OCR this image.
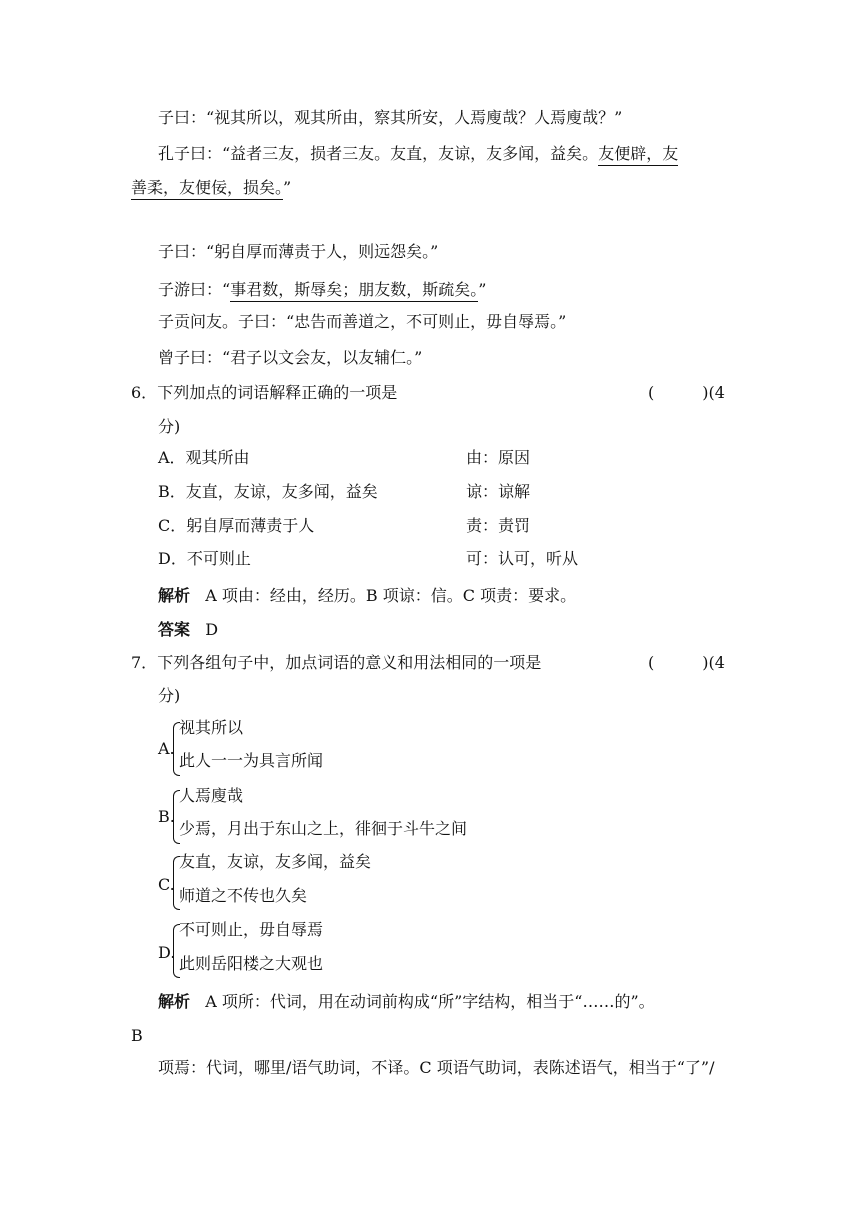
子曰：“视其所以，观其所由，察其所安，人焉廋哉？人焉廋哉？”
孔子曰：“益者三友，损者三友。友直，友谅，友多闻，益矣。友便辟，友
善柔，友便佞，损矣。”
子曰：“躬自厚而薄责于人，则远怨矣。”
子游曰：“事君数，斯辱矣；朋友数，斯疏矣。”
子贡问友。子曰：“忠告而善道之，不可则止，毋自辱焉。”
曾子曰：“君子以文会友，以友辅仁。”
6．下列加点的词语解释正确的一项是	(　　　)(4
分)
A．观其所由	由：原因
B．友直，友谅，友多闻，益矣	谅：谅解
C．躬自厚而薄责于人	责：责罚
D．不可则止	可：认可，听从
解析 A 项由：经由，经历。B 项谅：信。C 项责：要求。
答案 D
7．下列各组句子中，加点词语的意义和用法相同的一项是	(　　　)(4
分)
A.
视其所以
此人一一为具言所闻
B.
人焉廋哉
少焉，月出于东山之上，徘徊于斗牛之间
C.
友直，友谅，友多闻，益矣
师道之不传也久矣
D.
不可则止，毋自辱焉
此则岳阳楼之大观也
解析 A 项所：代词，用在动词前构成“所”字结构，相当于“……的”。
B
项焉：代词，哪里/语气助词，不译。C 项语气助词，表陈述语气，相当于“了”/
